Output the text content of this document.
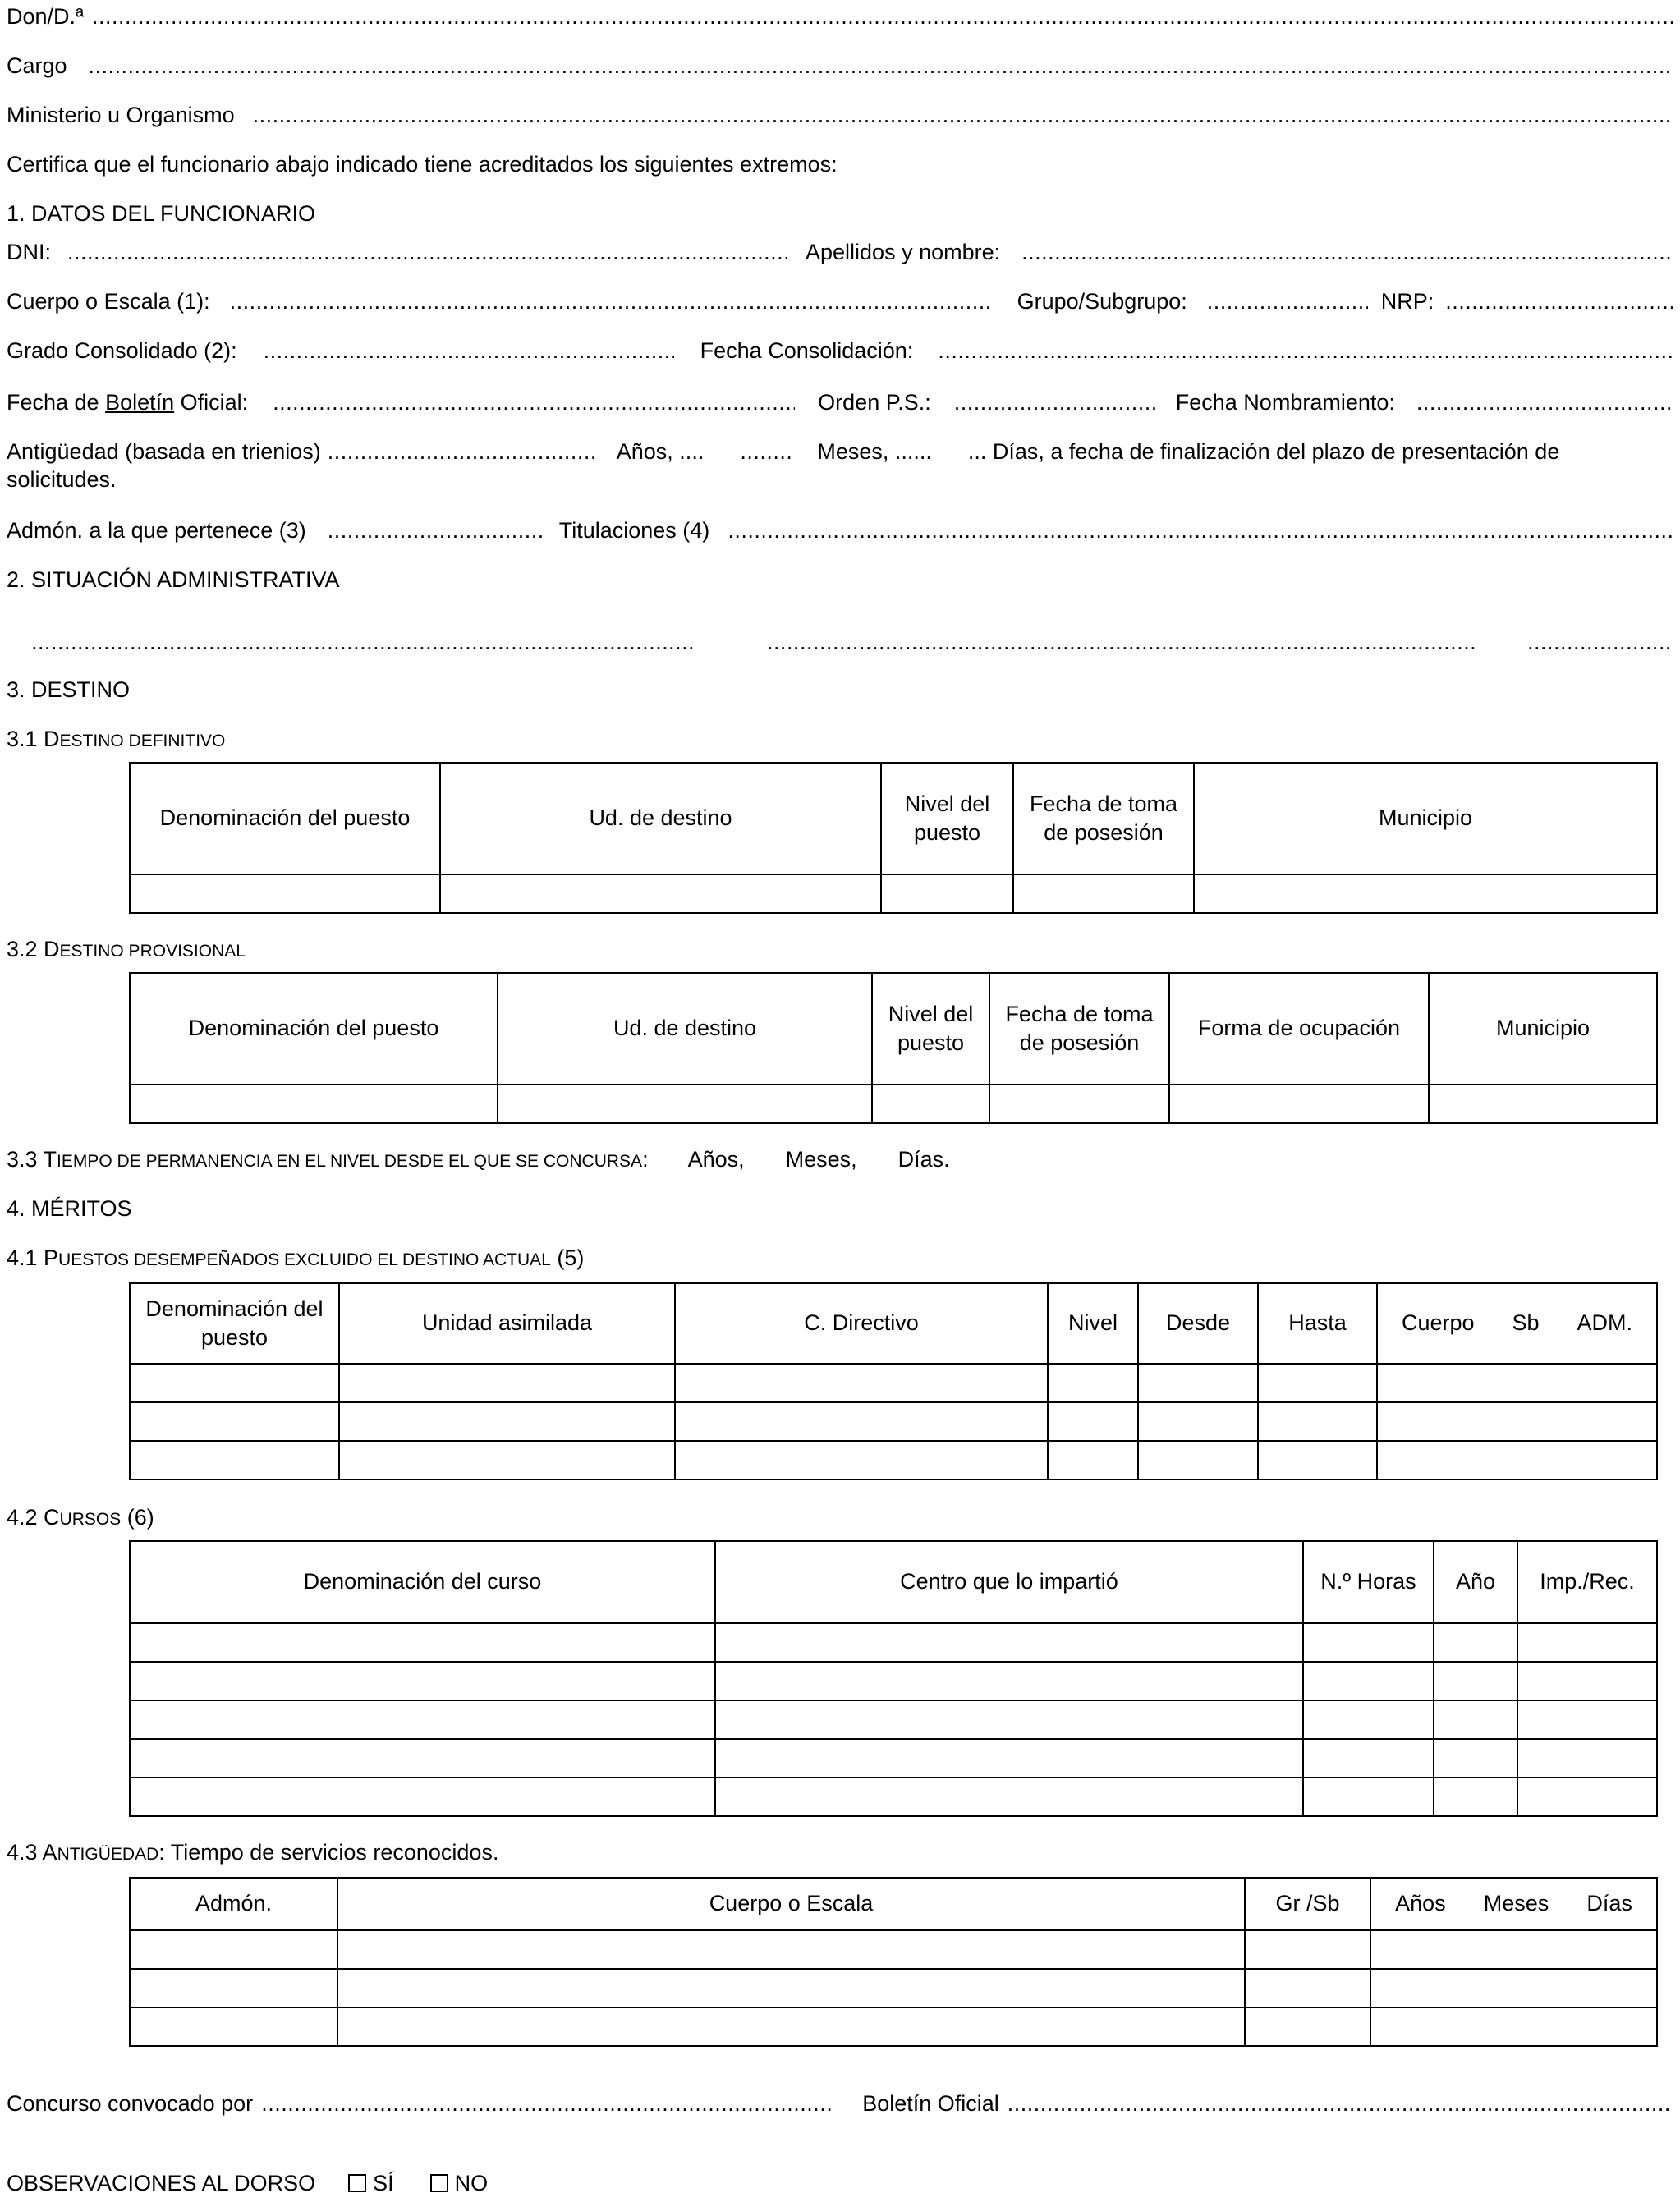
Don/D.ª
.....
Cargo
.....
Ministerio u Organismo
.....
Certifica que el funcionario abajo indicado tiene acreditados los siguientes extremos:
1. DATOS DEL FUNCIONARIO
DNI: .....	Apellidos y nombre:
.....
Cuerpo o Escala (1): .....	Grupo/Subgrupo: .....	NRP:
.....
Grado Consolidado (2): .....	Fecha Consolidación:
.....
Fecha de Boletín Oficial: .....	Orden P.S.: .....	Fecha Nombramiento:
.....
Antigüedad (basada en trienios) .....	Años, .... .....	Meses, ...... ... Días, a fecha de finalización del plazo de presentación de
solicitudes.
Admón. a la que pertenece (3) .....	Titulaciones (4)
.....
2. SITUACIÓN ADMINISTRATIVA
.....
.....
.....
3. DESTINO
3.1 DESTINO DEFINITIVO
Denominación del puesto	Ud. de destino	Nivel del puesto	Fecha de toma de posesión	Municipio

3.2 DESTINO PROVISIONAL
Denominación del puesto	Ud. de destino	Nivel del puesto	Fecha de toma de posesión	Forma de ocupación	Municipio

3.3 T IEMPO DE PERMANENCIA EN EL NIVEL DESDE EL QUE SE CONCURSA : Años, Meses, Días.
4. MÉRITOS
4.1 PUESTOS DESEMPEÑADOS EXCLUIDO EL DESTINO ACTUAL (5)
Denominación del puesto	Unidad asimilada	C. Directivo	Nivel	Desde	Hasta	Cuerpo Sb ADM.

4.2 CURSOS (6)
Denominación del curso	Centro que lo impartió	N.º Horas	Año	Imp./Rec.

4.3 ANTIGÜEDAD: Tiempo de servicios reconocidos.
Admón.	Cuerpo o Escala	Gr /Sb	Años Meses Días

Concurso convocado por .....	Boletín Oficial
.....
OBSERVACIONES AL DORSO	SÍ	NO
